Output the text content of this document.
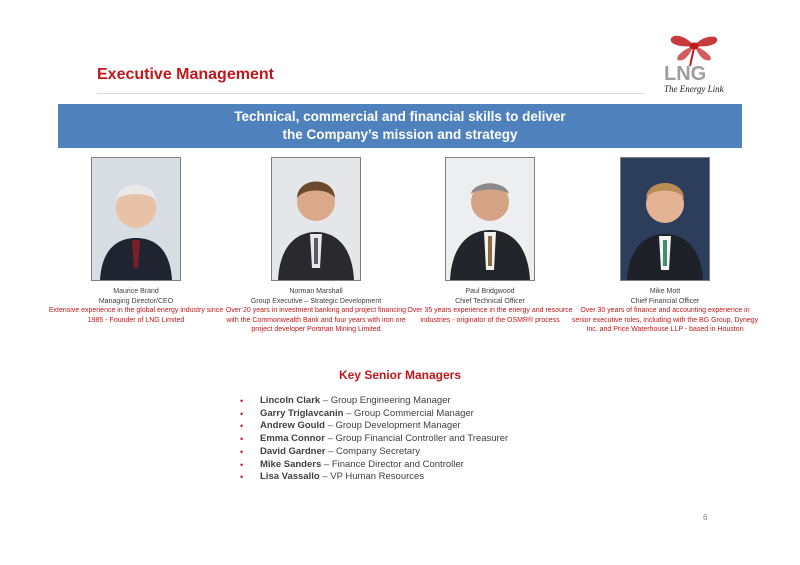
Executive Management	LNG
The Energy Link
Technical, commercial and financial skills to deliver
the Company’s mission and strategy
Maurice Brand
Managing Director/CEO
Extensive experience in the global energy industry since 1985 - Founder of LNG Limited
Norman Marshall
Group Executive – Strategic Development
Over 20 years in investment banking and project financing with the Commonwealth Bank and four years with iron ore project developer Portman Mining Limited
Paul Bridgwood
Chief Technical Officer
Over 35 years experience in the energy and resource industries - originator of the OSMR® process
Mike Mott
Chief Financial Officer
Over 30 years of finance and accounting experience in senior executive roles, including with the BG Group, Dynegy Inc. and Price Waterhouse LLP - based in Houston
Key Senior Managers
• Lincoln Clark – Group Engineering Manager
• Garry Triglavcanin – Group Commercial Manager
• Andrew Gould – Group Development Manager
• Emma Connor – Group Financial Controller and Treasurer
• David Gardner – Company Secretary
• Mike Sanders – Finance Director and Controller
• Lisa Vassallo – VP Human Resources
6
